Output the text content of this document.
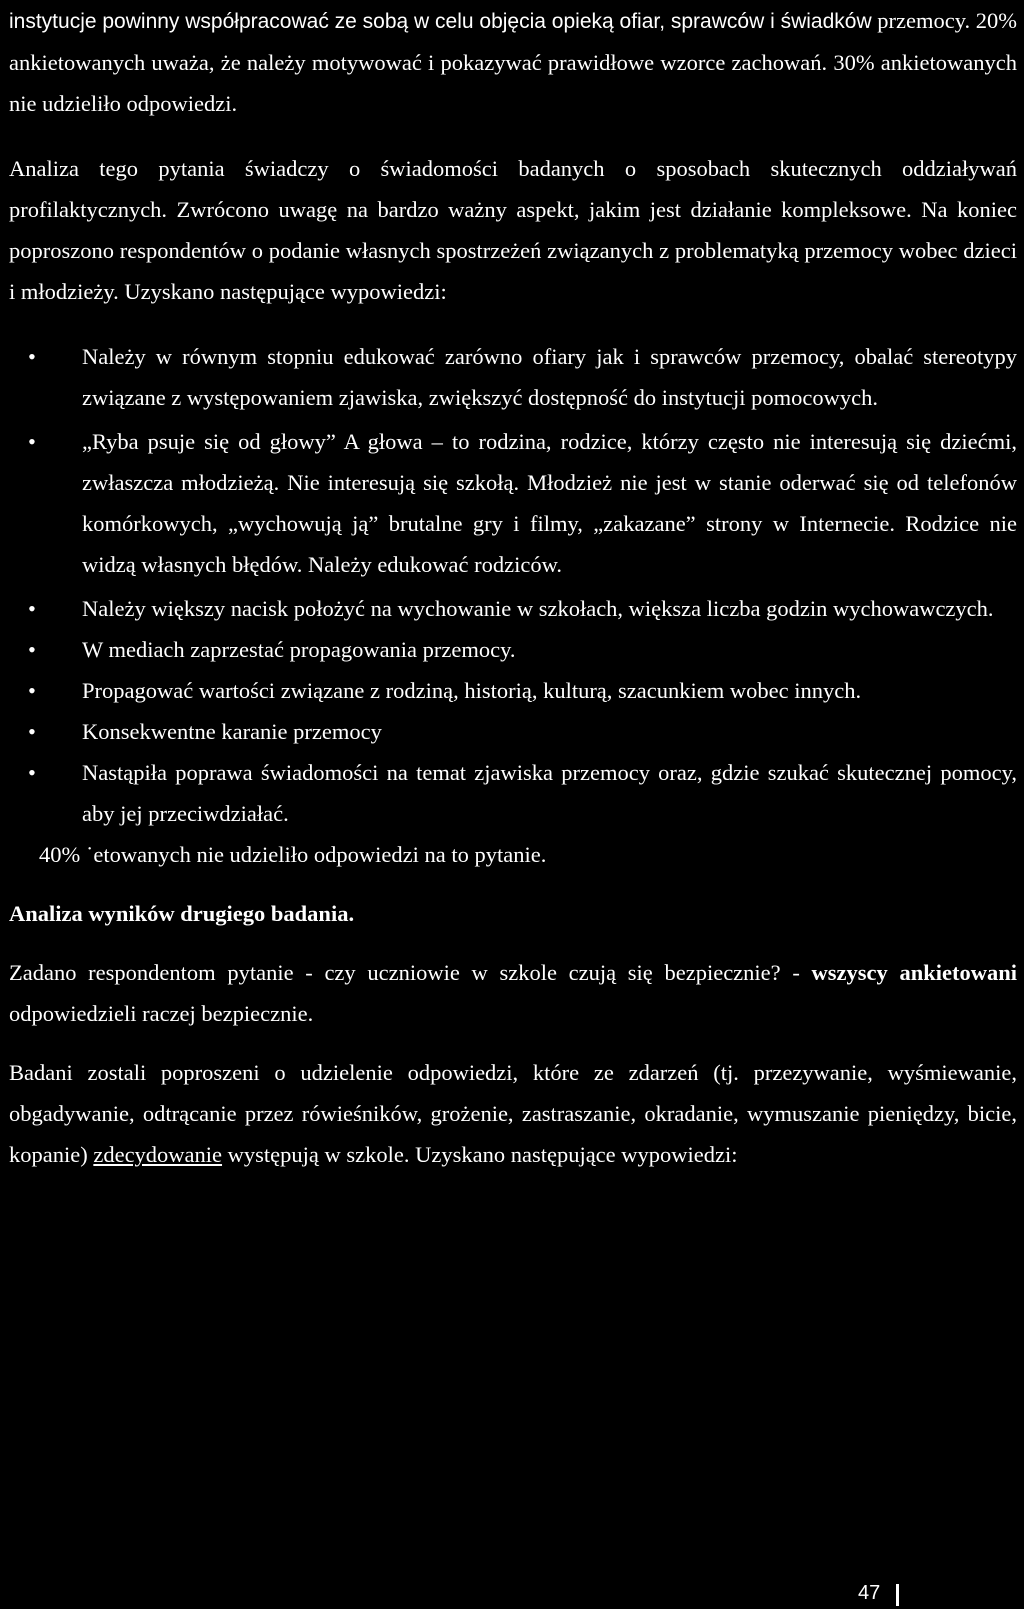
instytucje powinny współpracować ze sobą w celu objęcia opieką ofiar, sprawców i świadków przemocy. 20% ankietowanych uważa, że należy motywować i pokazywać prawidłowe wzorce zachowań. 30% ankietowanych nie udzieliło odpowiedzi.

Analiza tego pytania świadczy o świadomości badanych o sposobach skutecznych oddziaływań profilaktycznych. Zwrócono uwagę na bardzo ważny aspekt, jakim jest działanie kompleksowe. Na koniec poproszono respondentów o podanie własnych spostrzeżeń związanych z problematyką przemocy wobec dzieci i młodzieży. Uzyskano następujące wypowiedzi:

• Należy w równym stopniu edukować zarówno ofiary jak i sprawców przemocy, obalać stereotypy związane z występowaniem zjawiska, zwiększyć dostępność do instytucji pomocowych.
• „Ryba psuje się od głowy” A głowa – to rodzina, rodzice, którzy często nie interesują się dziećmi, zwłaszcza młodzieżą. Nie interesują się szkołą. Młodzież nie jest w stanie oderwać się od telefonów komórkowych, „wychowują ją” brutalne gry i filmy, „zakazane” strony w Internecie. Rodzice nie widzą własnych błędów. Należy edukować rodziców.
• Należy większy nacisk położyć na wychowanie w szkołach, większa liczba godzin wychowawczych.
• W mediach zaprzestać propagowania przemocy.
• Propagować wartości związane z rodziną, historią, kulturą, szacunkiem wobec innych.
• Konsekwentne karanie przemocy
• Nastąpiła poprawa świadomości na temat zjawiska przemocy oraz, gdzie szukać skutecznej pomocy, aby jej przeciwdziałać.

40% ˙etowanych nie udzieliło odpowiedzi na to pytanie.

Analiza wyników drugiego badania.

Zadano respondentom pytanie - czy uczniowie w szkole czują się bezpiecznie? - wszyscy ankietowani odpowiedzieli raczej bezpiecznie.

Badani zostali poproszeni o udzielenie odpowiedzi, które ze zdarzeń (tj. przezywanie, wyśmiewanie, obgadywanie, odtrącanie przez rówieśników, grożenie, zastraszanie, okradanie, wymuszanie pieniędzy, bicie, kopanie) zdecydowanie występują w szkole. Uzyskano następujące wypowiedzi:

47
